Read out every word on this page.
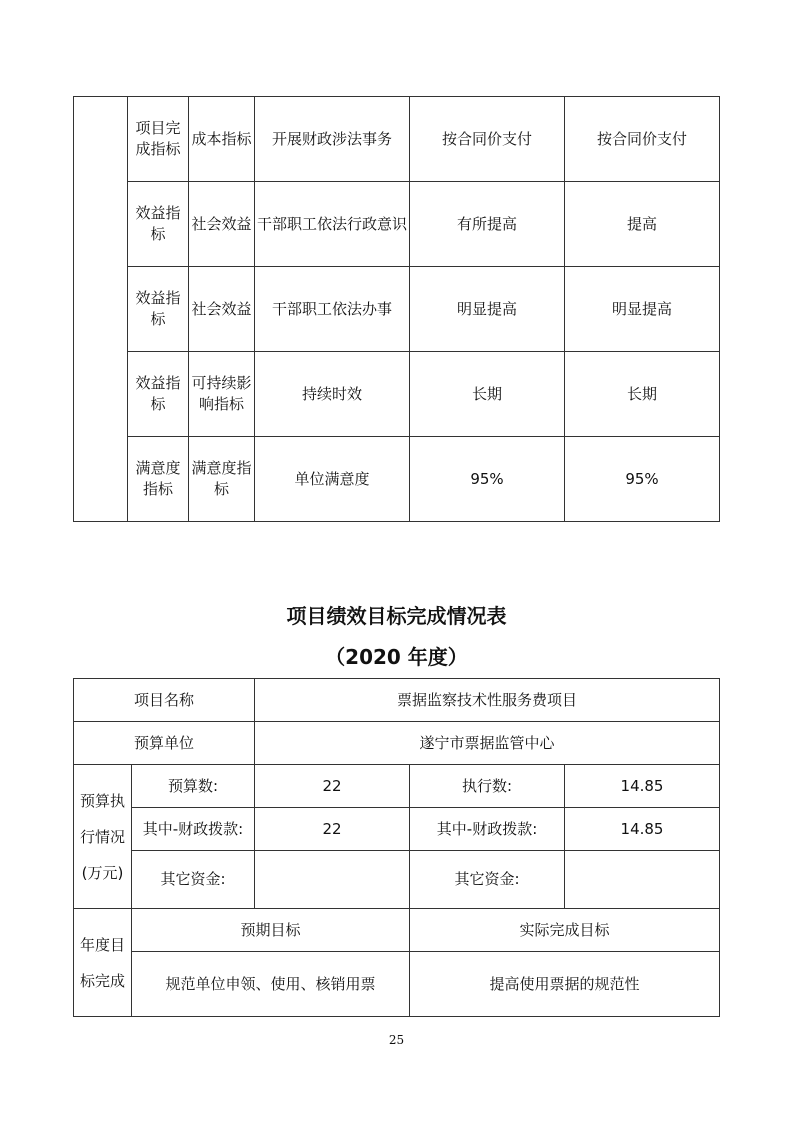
	项目完成指标	成本指标	开展财政涉法事务	按合同价支付	按合同价支付
	效益指标	社会效益	干部职工依法行政意识	有所提高	提高
	效益指标	社会效益	干部职工依法办事	明显提高	明显提高
	效益指标	可持续影响指标	持续时效	长期	长期
	满意度指标	满意度指标	单位满意度	95%	95%
项目绩效目标完成情况表
（2020 年度）
项目名称		票据监察技术性服务费项目		
预算单位		遂宁市票据监管中心		
预算执行情况(万元)	预算数:	22	执行数:	14.85
	其中-财政拨款:	22	其中-财政拨款:	14.85
	其它资金:		其它资金:	
年度目标完成	预期目标		实际完成目标	
	规范单位申领、使用、核销用票		提高使用票据的规范性	
25
